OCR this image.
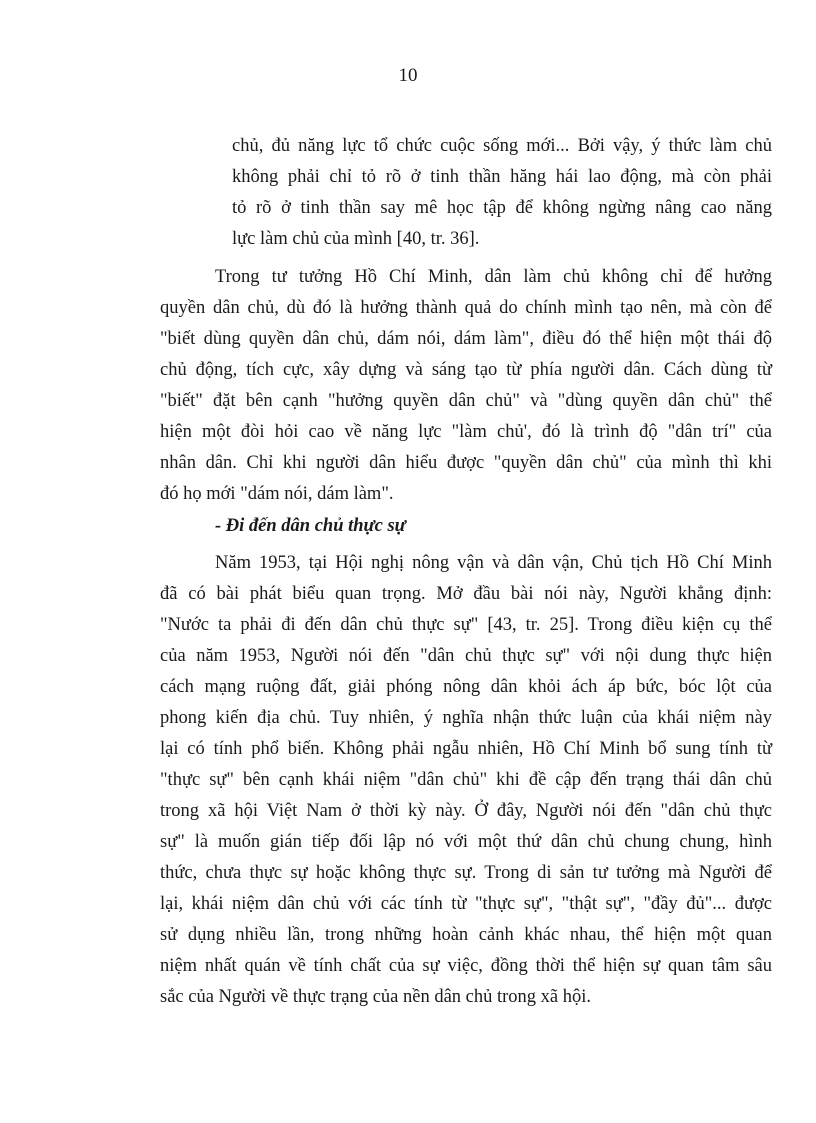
10
chủ, đủ năng lực tổ chức cuộc sống mới... Bởi vậy, ý thức làm chủ
không phải chỉ tỏ rõ ở tinh thần hăng hái lao động, mà còn phải
tỏ rõ ở tinh thần say mê học tập để không ngừng nâng cao năng
lực làm chủ của mình [40, tr. 36].
Trong tư tưởng Hồ Chí Minh, dân làm chủ không chỉ để hưởng
quyền dân chủ, dù đó là hưởng thành quả do chính mình tạo nên, mà còn để
"biết dùng quyền dân chủ, dám nói, dám làm", điều đó thể hiện một thái độ
chủ động, tích cực, xây dựng và sáng tạo từ phía người dân. Cách dùng từ
"biết" đặt bên cạnh "hưởng quyền dân chủ" và "dùng quyền dân chủ" thể
hiện một đòi hỏi cao về năng lực "làm chủ', đó là trình độ "dân trí" của
nhân dân. Chỉ khi người dân hiểu được "quyền dân chủ" của mình thì khi
đó họ mới "dám nói, dám làm".
- Đi đến dân chủ thực sự
Năm 1953, tại Hội nghị nông vận và dân vận, Chủ tịch Hồ Chí Minh
đã có bài phát biểu quan trọng. Mở đầu bài nói này, Người khẳng định:
"Nước ta phải đi đến dân chủ thực sự" [43, tr. 25]. Trong điều kiện cụ thể
của năm 1953, Người nói đến "dân chủ thực sự" với nội dung thực hiện
cách mạng ruộng đất, giải phóng nông dân khỏi ách áp bức, bóc lột của
phong kiến địa chủ. Tuy nhiên, ý nghĩa nhận thức luận của khái niệm này
lại có tính phổ biến. Không phải ngẫu nhiên, Hồ Chí Minh bổ sung tính từ
"thực sự" bên cạnh khái niệm "dân chủ" khi đề cập đến trạng thái dân chủ
trong xã hội Việt Nam ở thời kỳ này. Ở đây, Người nói đến "dân chủ thực
sự" là muốn gián tiếp đối lập nó với một thứ dân chủ chung chung, hình
thức, chưa thực sự hoặc không thực sự. Trong di sản tư tưởng mà Người để
lại, khái niệm dân chủ với các tính từ "thực sự", "thật sự", "đầy đủ"... được
sử dụng nhiều lần, trong những hoàn cảnh khác nhau, thể hiện một quan
niệm nhất quán về tính chất của sự việc, đồng thời thể hiện sự quan tâm sâu
sắc của Người về thực trạng của nền dân chủ trong xã hội.
